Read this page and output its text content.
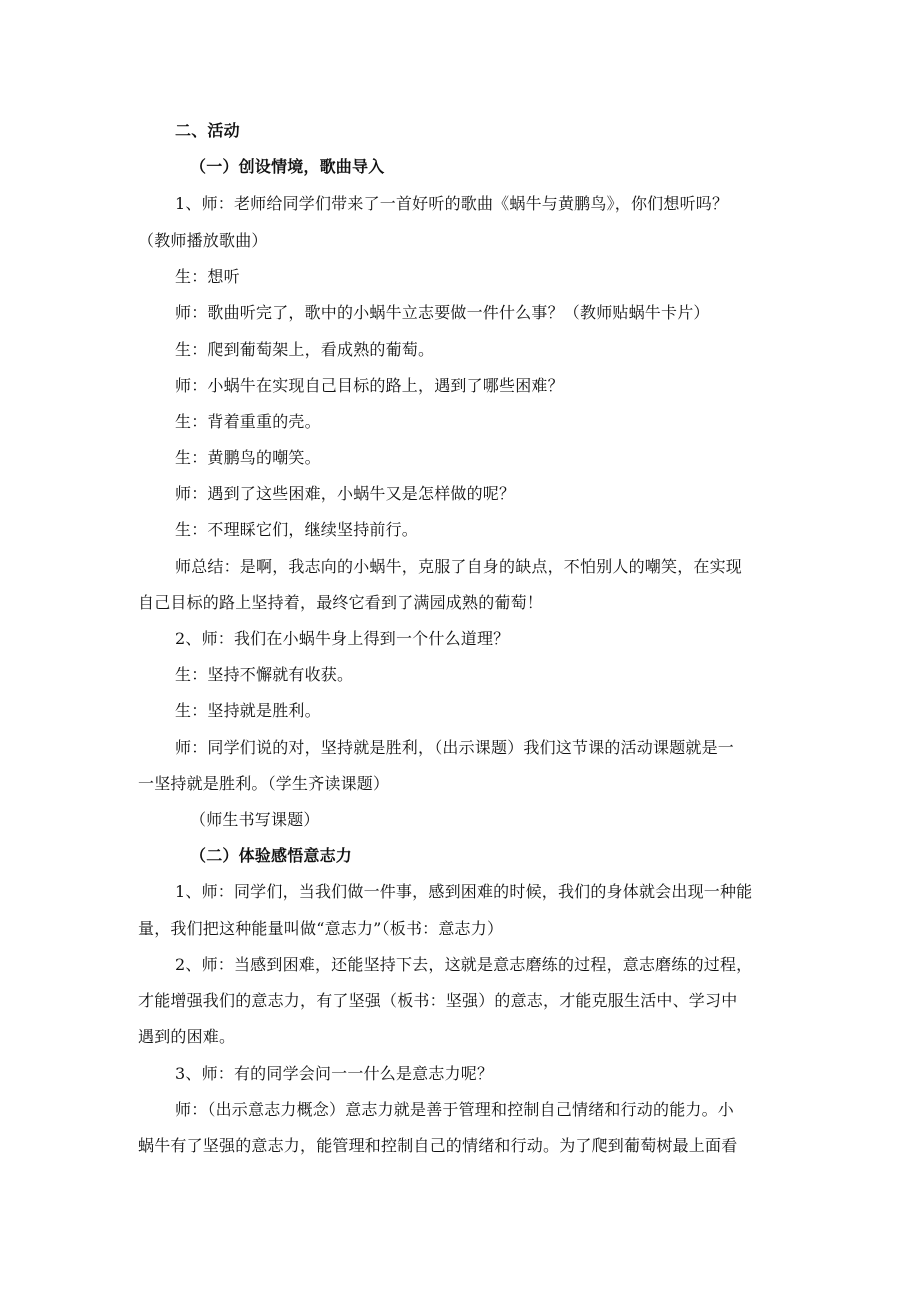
二、活动
（一）创设情境，歌曲导入
1、师：老师给同学们带来了一首好听的歌曲《蜗牛与黄鹏鸟》，你们想听吗？
（教师播放歌曲）
生：想听
师：歌曲听完了，歌中的小蜗牛立志要做一件什么事？（教师贴蜗牛卡片）
生：爬到葡萄架上，看成熟的葡萄。
师：小蜗牛在实现自己目标的路上，遇到了哪些困难？
生：背着重重的壳。
生：黄鹏鸟的嘲笑。
师：遇到了这些困难，小蜗牛又是怎样做的呢？
生：不理睬它们，继续坚持前行。
师总结：是啊，我志向的小蜗牛，克服了自身的缺点，不怕别人的嘲笑，在实现
自己目标的路上坚持着，最终它看到了满园成熟的葡萄！
2、师：我们在小蜗牛身上得到一个什么道理？
生：坚持不懈就有收获。
生：坚持就是胜利。
师：同学们说的对，坚持就是胜利，（出示课题）我们这节课的活动课题就是一
一坚持就是胜利。（学生齐读课题）
（师生书写课题）
（二）体验感悟意志力
1、师：同学们，当我们做一件事，感到困难的时候，我们的身体就会出现一种能
量，我们把这种能量叫做“意志力”（板书：意志力）
2、师：当感到困难，还能坚持下去，这就是意志磨练的过程，意志磨练的过程，
才能增强我们的意志力，有了坚强（板书：坚强）的意志，才能克服生活中、学习中
遇到的困难。
3、师：有的同学会问一一什么是意志力呢？
师：（出示意志力概念）意志力就是善于管理和控制自己情绪和行动的能力。小
蜗牛有了坚强的意志力，能管理和控制自己的情绪和行动。为了爬到葡萄树最上面看
